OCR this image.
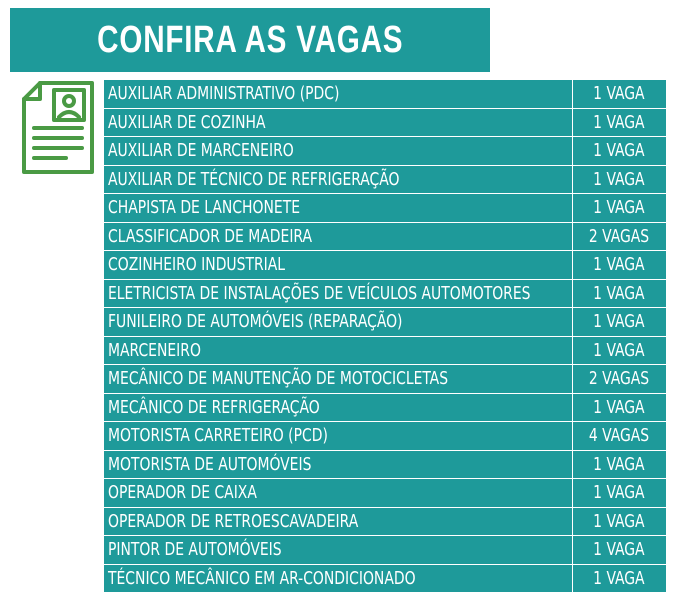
CONFIRA AS VAGAS
AUXILIAR ADMINISTRATIVO (PDC)	1 VAGA
AUXILIAR DE COZINHA	1 VAGA
AUXILIAR DE MARCENEIRO	1 VAGA
AUXILIAR DE TÉCNICO DE REFRIGERAÇÃO	1 VAGA
CHAPISTA DE LANCHONETE	1 VAGA
CLASSIFICADOR DE MADEIRA	2 VAGAS
COZINHEIRO INDUSTRIAL	1 VAGA
ELETRICISTA DE INSTALAÇÕES DE VEÍCULOS AUTOMOTORES	1 VAGA
FUNILEIRO DE AUTOMÓVEIS (REPARAÇÃO)	1 VAGA
MARCENEIRO	1 VAGA
MECÂNICO DE MANUTENÇÃO DE MOTOCICLETAS	2 VAGAS
MECÂNICO DE REFRIGERAÇÃO	1 VAGA
MOTORISTA CARRETEIRO (PCD)	4 VAGAS
MOTORISTA DE AUTOMÓVEIS	1 VAGA
OPERADOR DE CAIXA	1 VAGA
OPERADOR DE RETROESCAVADEIRA	1 VAGA
PINTOR DE AUTOMÓVEIS	1 VAGA
TÉCNICO MECÂNICO EM AR-CONDICIONADO	1 VAGA
